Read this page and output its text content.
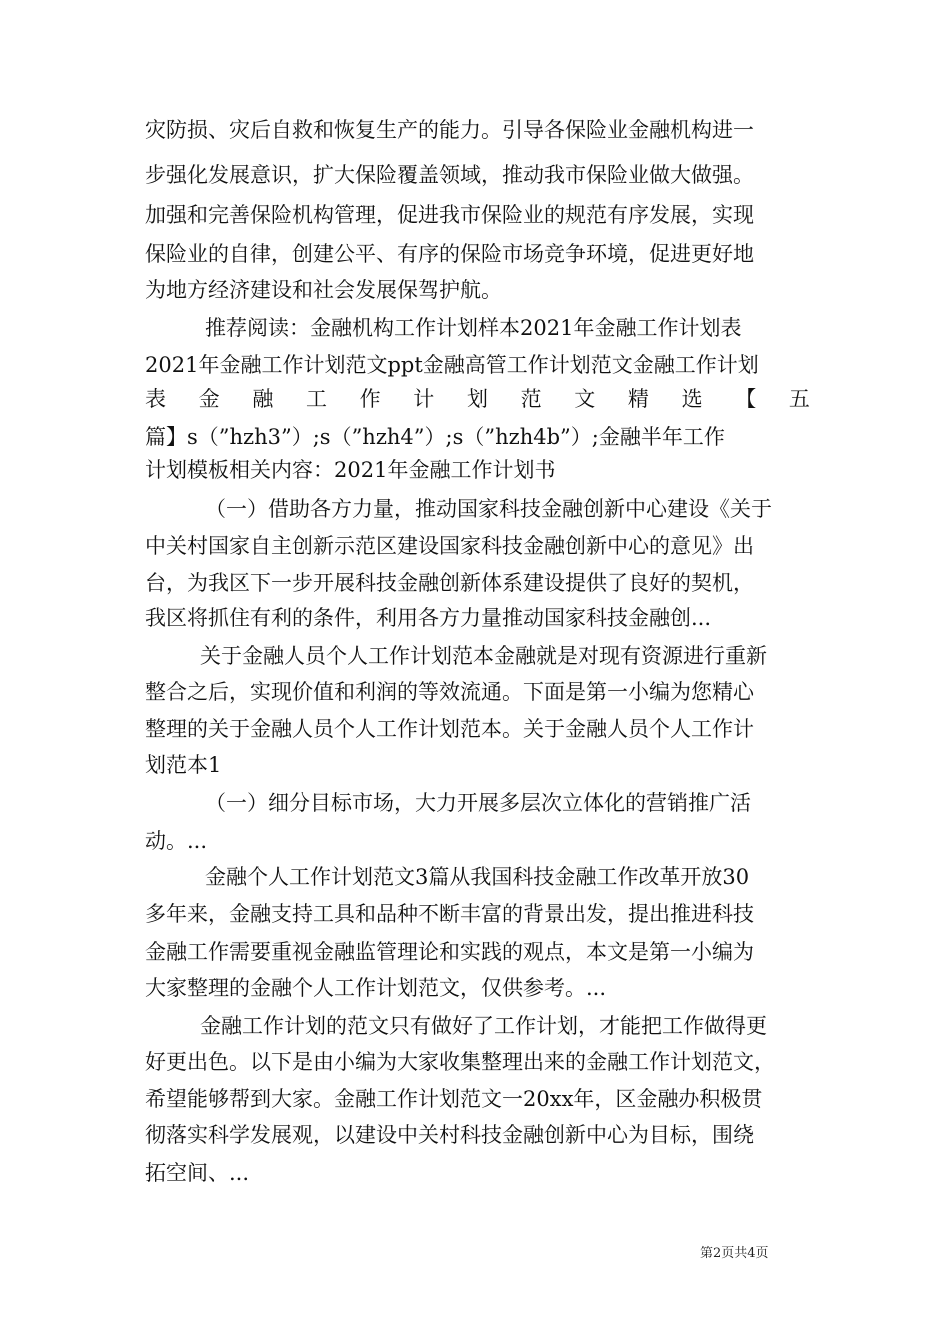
灾防损、灾后自救和恢复生产的能力。引导各保险业金融机构进一
步强化发展意识，扩大保险覆盖领域，推动我市保险业做大做强。
加强和完善保险机构管理，促进我市保险业的规范有序发展，实现
保险业的自律，创建公平、有序的保险市场竞争环境，促进更好地
为地方经济建设和社会发展保驾护航。
推荐阅读：金融机构工作计划样本2021年金融工作计划表
2021年金融工作计划范文ppt金融高管工作计划范文金融工作计划
表 金 融 工 作 计 划 范 文 精 选 【 五
篇】s（”hzh3”）;s（”hzh4”）;s（”hzh4b”）;金融半年工作
计划模板相关内容：2021年金融工作计划书
（一）借助各方力量，推动国家科技金融创新中心建设《关于
中关村国家自主创新示范区建设国家科技金融创新中心的意见》出
台，为我区下一步开展科技金融创新体系建设提供了良好的契机，
我区将抓住有利的条件，利用各方力量推动国家科技金融创...
关于金融人员个人工作计划范本金融就是对现有资源进行重新
整合之后，实现价值和利润的等效流通。下面是第一小编为您精心
整理的关于金融人员个人工作计划范本。关于金融人员个人工作计
划范本1
（一）细分目标市场，大力开展多层次立体化的营销推广活
动。...
金融个人工作计划范文3篇从我国科技金融工作改革开放30
多年来，金融支持工具和品种不断丰富的背景出发，提出推进科技
金融工作需要重视金融监管理论和实践的观点，本文是第一小编为
大家整理的金融个人工作计划范文，仅供参考。...
金融工作计划的范文只有做好了工作计划，才能把工作做得更
好更出色。以下是由小编为大家收集整理出来的金融工作计划范文，
希望能够帮到大家。金融工作计划范文一20xx年，区金融办积极贯
彻落实科学发展观，以建设中关村科技金融创新中心为目标，围绕
拓空间、...
第2页共4页
